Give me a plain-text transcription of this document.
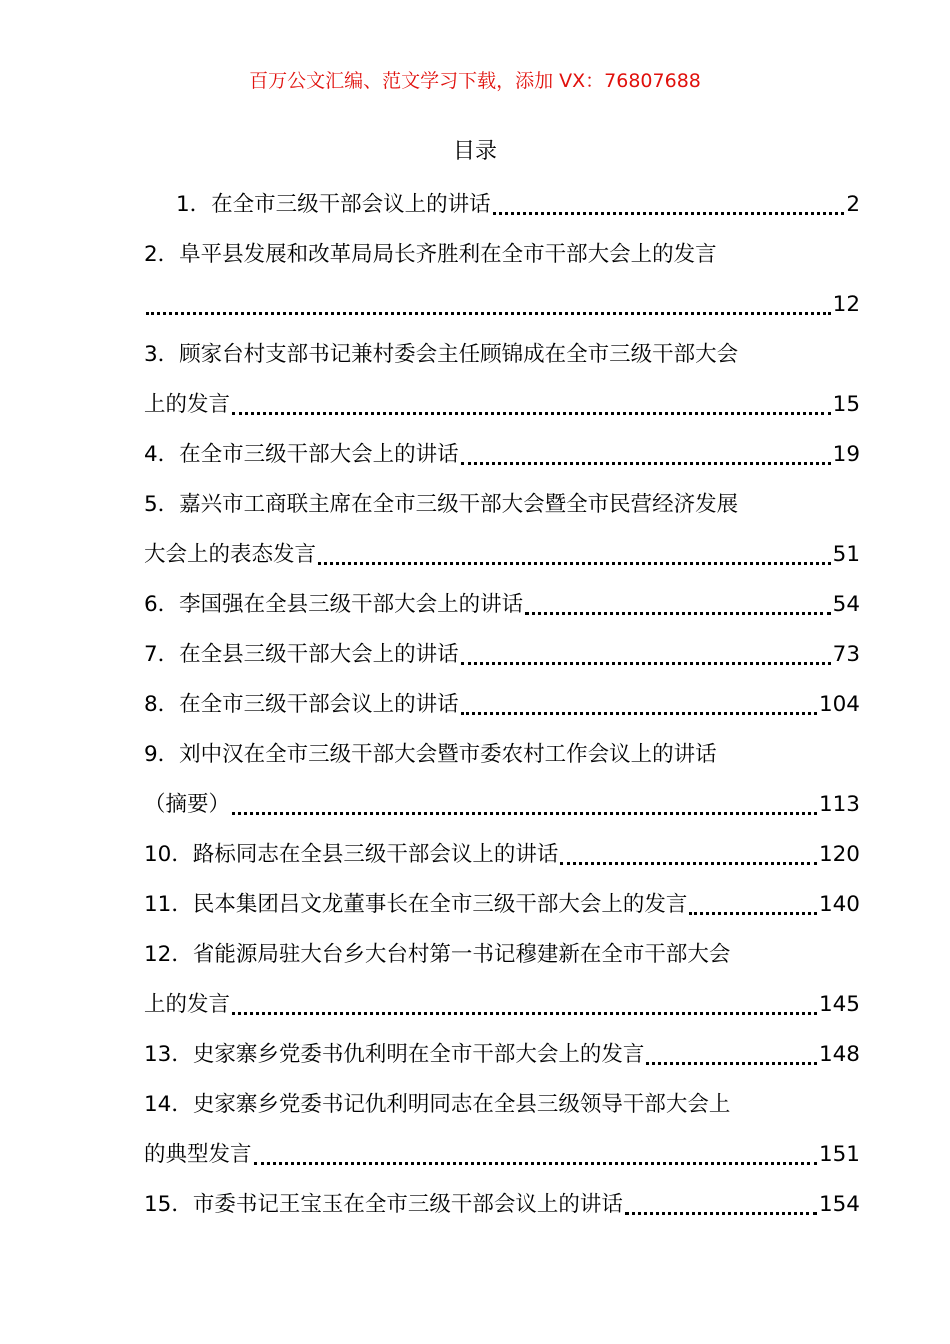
百万公文汇编、范文学习下载，添加 VX：76807688
目录
1．在全市三级干部会议上的讲话	2
2．阜平县发展和改革局局长齐胜利在全市干部大会上的发言
12
3．顾家台村支部书记兼村委会主任顾锦成在全市三级干部大会
上的发言	15
4．在全市三级干部大会上的讲话	19
5．嘉兴市工商联主席在全市三级干部大会暨全市民营经济发展
大会上的表态发言	51
6．李国强在全县三级干部大会上的讲话	54
7．在全县三级干部大会上的讲话	73
8．在全市三级干部会议上的讲话	104
9．刘中汉在全市三级干部大会暨市委农村工作会议上的讲话
（摘要）	113
10．路标同志在全县三级干部会议上的讲话	120
11．民本集团吕文龙董事长在全市三级干部大会上的发言	140
12．省能源局驻大台乡大台村第一书记穆建新在全市干部大会
上的发言	145
13．史家寨乡党委书仇利明在全市干部大会上的发言	148
14．史家寨乡党委书记仇利明同志在全县三级领导干部大会上
的典型发言	151
15．市委书记王宝玉在全市三级干部会议上的讲话	154
